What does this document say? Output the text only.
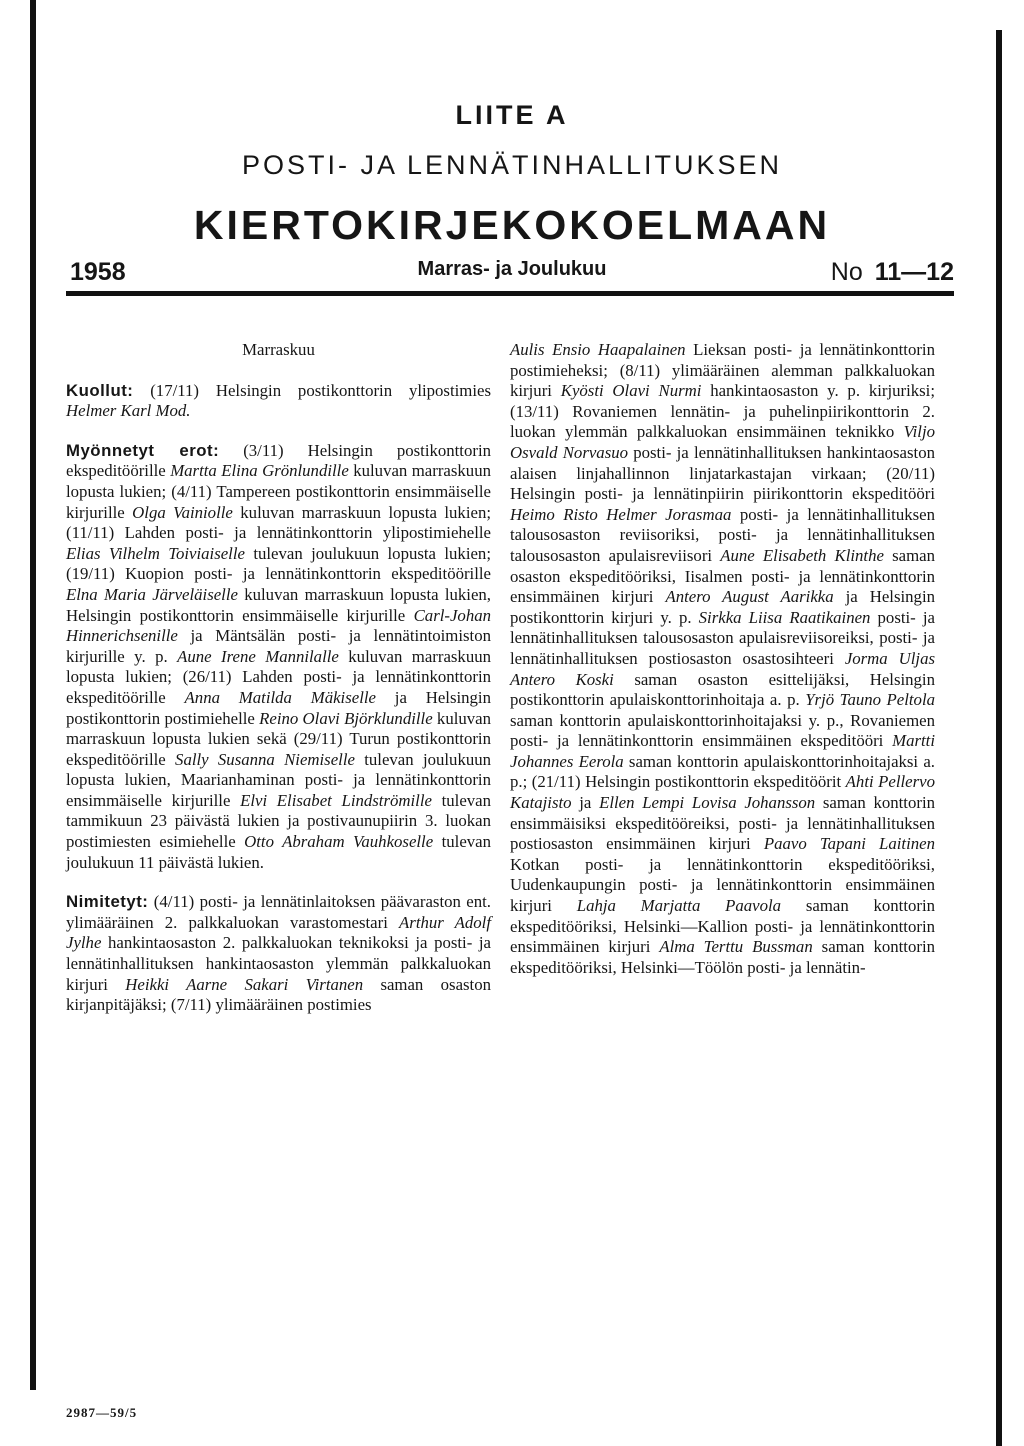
LIITE A
POSTI- JA LENNÄTINHALLITUKSEN
KIERTOKIRJEKOKOELMAAN
1958	Marras- ja Joulukuu	No 11—12

Marraskuu

Kuollut: (17/11) Helsingin postikonttorin ylipostimies Helmer Karl Mod.

Myönnetyt erot: (3/11) Helsingin postikonttorin ekspeditöörille Martta Elina Grönlundille kuluvan marraskuun lopusta lukien; (4/11) Tampereen postikonttorin ensimmäiselle kirjurille Olga Vainiolle kuluvan marraskuun lopusta lukien; (11/11) Lahden posti- ja lennätinkonttorin ylipostimiehelle Elias Vilhelm Toiviaiselle tulevan joulukuun lopusta lukien; (19/11) Kuopion posti- ja lennätinkonttorin ekspeditöörille Elna Maria Järveläiselle kuluvan marraskuun lopusta lukien, Helsingin postikonttorin ensimmäiselle kirjurille Carl-Johan Hinnerichsenille ja Mäntsälän posti- ja lennätintoimiston kirjurille y. p. Aune Irene Mannilalle kuluvan marraskuun lopusta lukien; (26/11) Lahden posti- ja lennätinkonttorin ekspeditöörille Anna Matilda Mäkiselle ja Helsingin postikonttorin postimiehelle Reino Olavi Björklundille kuluvan marraskuun lopusta lukien sekä (29/11) Turun postikonttorin ekspeditöörille Sally Susanna Niemiselle tulevan joulukuun lopusta lukien, Maarianhaminan posti- ja lennätinkonttorin ensimmäiselle kirjurille Elvi Elisabet Lindströmille tulevan tammikuun 23 päivästä lukien ja postivaunupiirin 3. luokan postimiesten esimiehelle Otto Abraham Vauhkoselle tulevan joulukuun 11 päivästä lukien.

Nimitetyt: (4/11) posti- ja lennätinlaitoksen päävaraston ent. ylimääräinen 2. palkkaluokan varastomestari Arthur Adolf Jylhe hankintaosaston 2. palkkaluokan teknikoksi ja posti- ja lennätinhallituksen hankintaosaston ylemmän palkkaluokan kirjuri Heikki Aarne Sakari Virtanen saman osaston kirjanpitäjäksi; (7/11) ylimääräinen postimies

Aulis Ensio Haapalainen Lieksan posti- ja lennätinkonttorin postimieheksi; (8/11) ylimääräinen alemman palkkaluokan kirjuri Kyösti Olavi Nurmi hankintaosaston y. p. kirjuriksi; (13/11) Rovaniemen lennätin- ja puhelinpiirikonttorin 2. luokan ylemmän palkkaluokan ensimmäinen teknikko Viljo Osvald Norvasuo posti- ja lennätinhallituksen hankintaosaston alaisen linjahallinnon linjatarkastajan virkaan; (20/11) Helsingin posti- ja lennätinpiirin piirikonttorin ekspeditööri Heimo Risto Helmer Jorasmaa posti- ja lennätinhallituksen talousosaston reviisoriksi, posti- ja lennätinhallituksen talousosaston apulaisreviisori Aune Elisabeth Klinthe saman osaston ekspeditööriksi, Iisalmen posti- ja lennätinkonttorin ensimmäinen kirjuri Antero August Aarikka ja Helsingin postikonttorin kirjuri y. p. Sirkka Liisa Raatikainen posti- ja lennätinhallituksen talousosaston apulaisreviisoreiksi, posti- ja lennätinhallituksen postiosaston osastosihteeri Jorma Uljas Antero Koski saman osaston esittelijäksi, Helsingin postikonttorin apulaiskonttorinhoitaja a. p. Yrjö Tauno Peltola saman konttorin apulaiskonttorinhoitajaksi y. p., Rovaniemen posti- ja lennätinkonttorin ensimmäinen ekspeditööri Martti Johannes Eerola saman konttorin apulaiskonttorinhoitajaksi a. p.; (21/11) Helsingin postikonttorin ekspeditöörit Ahti Pellervo Katajisto ja Ellen Lempi Lovisa Johansson saman konttorin ensimmäisiksi ekspeditööreiksi, posti- ja lennätinhallituksen postiosaston ensimmäinen kirjuri Paavo Tapani Laitinen Kotkan posti- ja lennätinkonttorin ekspeditööriksi, Uudenkaupungin posti- ja lennätinkonttorin ensimmäinen kirjuri Lahja Marjatta Paavola saman konttorin ekspeditööriksi, Helsinki—Kallion posti- ja lennätinkonttorin ensimmäinen kirjuri Alma Terttu Bussman saman konttorin ekspeditööriksi, Helsinki—Töölön posti- ja lennätin-

2987—59/5
